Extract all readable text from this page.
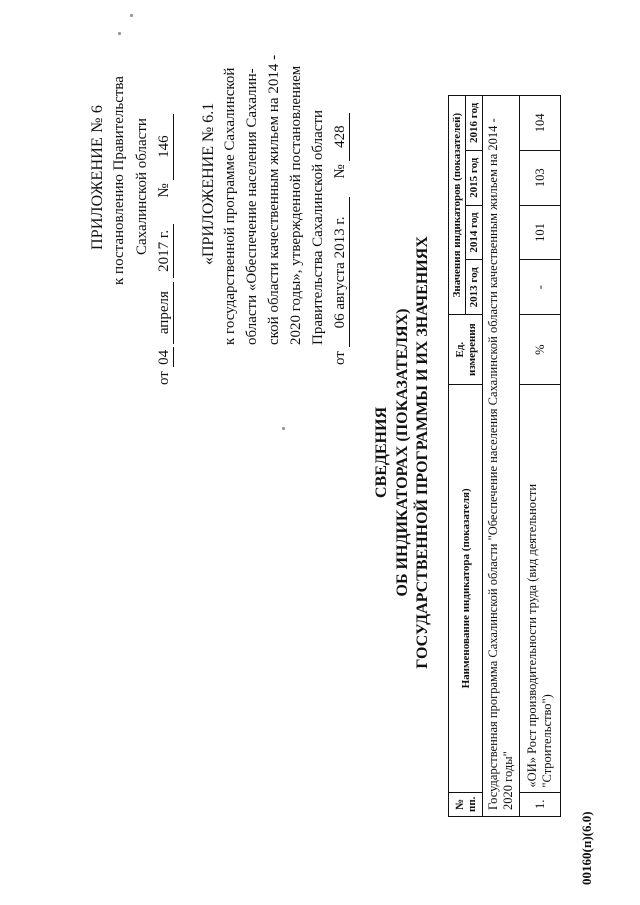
00160(п)(6.0)
ПРИЛОЖЕНИЕ № 6 к постановлению Правительства Сахалинской области
от 04 апреля 2017 г.       № 146 «ПРИЛОЖЕНИЕ № 6.1 к государственной программе Сахалинской области «Обеспечение населения Сахалин- ской области качественным жильем на 2014 - 2020 годы», утвержденной постановлением Правительства Сахалинской области
от 06 августа 2013 г.     № 428
СВЕДЕНИЯ ОБ ИНДИКАТОРАХ (ПОКАЗАТЕЛЯХ) ГОСУДАРСТВЕННОЙ ПРОГРАММЫ И ИХ ЗНАЧЕНИЯХ
№ пп.	Наименование индикатора (показателя)	Ед. измерения	Значения индикаторов (показателей)			
			2013 год	2014 год	2015 год	2016 год
Государственная программа Сахалинской области "Обеспечение населения Сахалинской области качественным жильем на 2014 - 2020 годы"						
1.	«ОИ» Рост производительности труда (вид деятельности "Строительство")	%	-	101	103	104
